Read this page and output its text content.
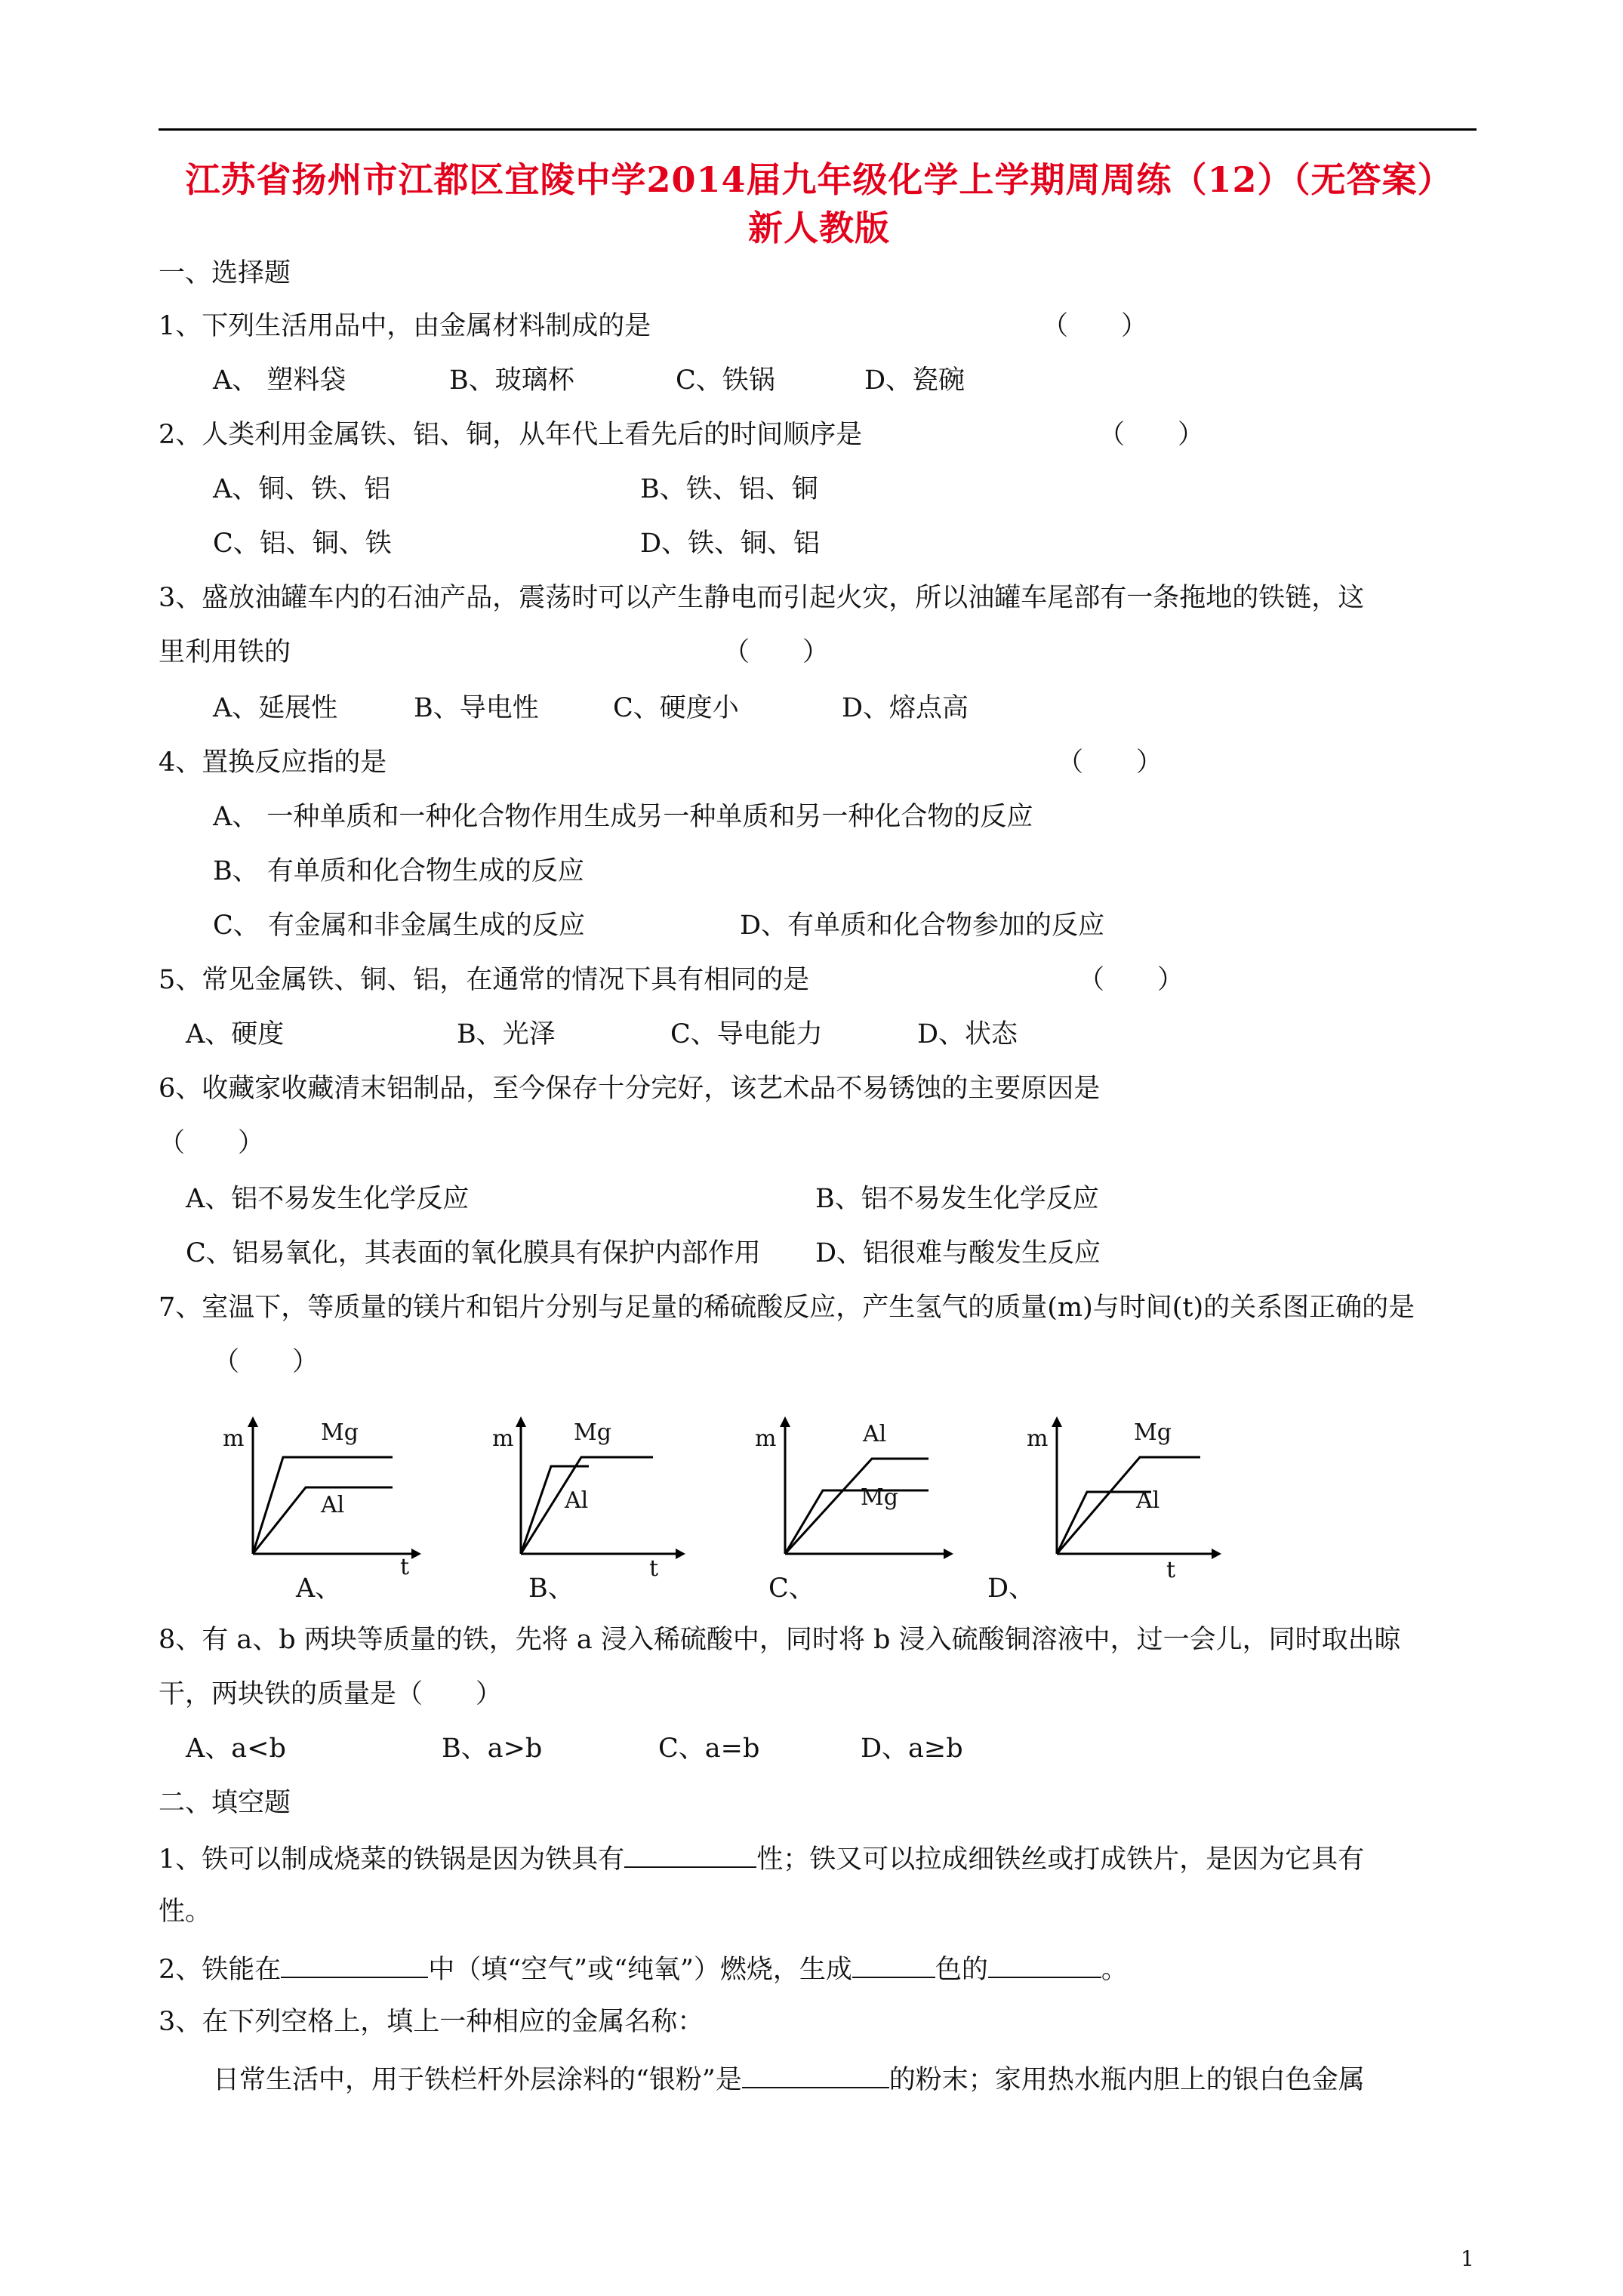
江苏省扬州市江都区宜陵中学2014届九年级化学上学期周周练（12）（无答案）
新人教版
一、选择题
1、下列生活用品中，由金属材料制成的是	（　　）
A、 塑料袋	B、玻璃杯	C、铁锅	D、瓷碗
2、人类利用金属铁、铝、铜，从年代上看先后的时间顺序是	（　　）
A、铜、铁、铝	B、铁、铝、铜
C、铝、铜、铁	D、铁、铜、铝
3、盛放油罐车内的石油产品，震荡时可以产生静电而引起火灾，所以油罐车尾部有一条拖地的铁链，这
里利用铁的	（　　）
A、延展性	B、导电性	C、硬度小	D、熔点高
4、置换反应指的是	（　　）
A、 一种单质和一种化合物作用生成另一种单质和另一种化合物的反应
B、 有单质和化合物生成的反应
C、 有金属和非金属生成的反应	D、有单质和化合物参加的反应
5、常见金属铁、铜、铝，在通常的情况下具有相同的是	（　　）
A、硬度	B、光泽	C、导电能力	D、状态
6、收藏家收藏清末铝制品，至今保存十分完好，该艺术品不易锈蚀的主要原因是
（　　）
A、铝不易发生化学反应	B、铝不易发生化学反应
C、铝易氧化，其表面的氧化膜具有保护内部作用 D、铝很难与酸发生反应
7、室温下，等质量的镁片和铝片分别与足量的稀硫酸反应，产生氢气的质量(m)与时间(t)的关系图正确的是
（　　）
m
t
Mg
Al
A、
m
t
Mg
Al
B、
m	Al
Mg
C、
m
t
Mg
Al
D、
8、有 a、b 两块等质量的铁，先将 a 浸入稀硫酸中，同时将 b 浸入硫酸铜溶液中，过一会儿，同时取出晾
干，两块铁的质量是（　　）
A、a<b	B、a>b	C、a=b	D、a≥b
二、填空题
1、铁可以制成烧菜的铁锅是因为铁具有	性；铁又可以拉成细铁丝或打成铁片，是因为它具有
性。
2、铁能在	中（填“空气”或“纯氧”）燃烧，生成	色的	。
3、在下列空格上，填上一种相应的金属名称：
日常生活中，用于铁栏杆外层涂料的“银粉”是	的粉末；家用热水瓶内胆上的银白色金属
1
